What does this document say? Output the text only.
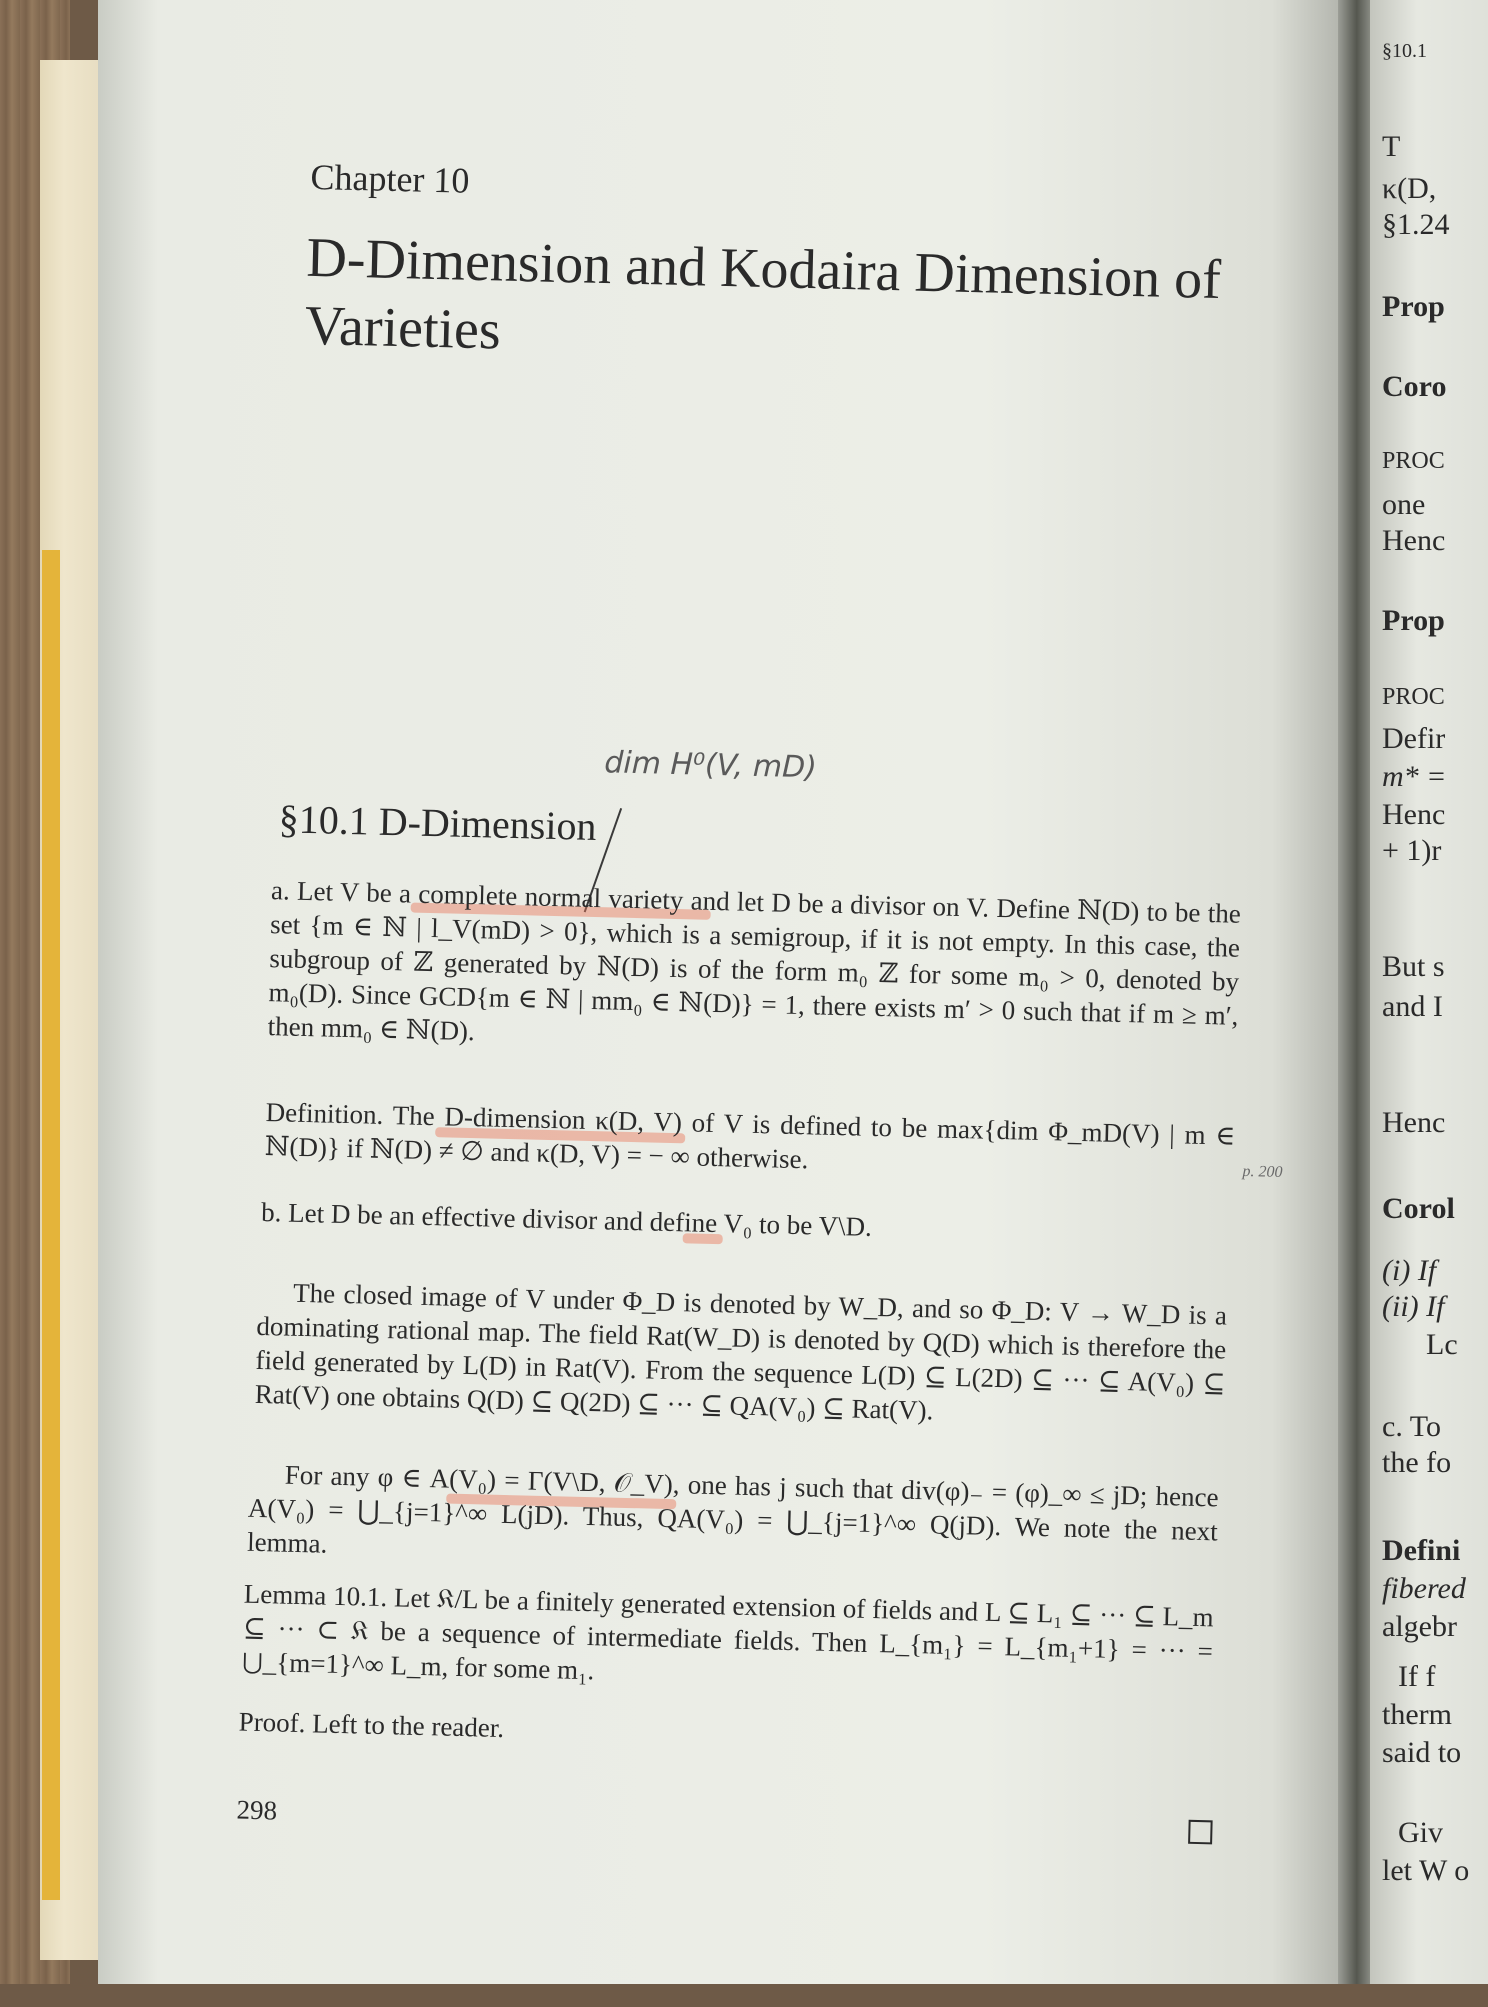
Chapter 10
D-Dimension and Kodaira Dimension of Varieties
dim H⁰(V, mD)
§10.1 D-Dimension
a. Let V be a complete normal variety and let D be a divisor on V. Define ℕ(D) to be the set {m ∈ ℕ | l_V(mD) > 0}, which is a semigroup, if it is not empty. In this case, the subgroup of ℤ generated by ℕ(D) is of the form m₀ ℤ for some m₀ > 0, denoted by m₀(D). Since GCD{m ∈ ℕ | mm₀ ∈ ℕ(D)} = 1, there exists m′ > 0 such that if m ≥ m′, then mm₀ ∈ ℕ(D).
Definition. The D-dimension κ(D, V) of V is defined to be max{dim Φ_mD(V) | m ∈ ℕ(D)} if ℕ(D) ≠ ∅ and κ(D, V) = − ∞ otherwise.	p. 200
b. Let D be an effective divisor and define V₀ to be V\D.
The closed image of V under Φ_D is denoted by W_D, and so Φ_D: V → W_D is a dominating rational map. The field Rat(W_D) is denoted by Q(D) which is therefore the field generated by L(D) in Rat(V). From the sequence L(D) ⊆ L(2D) ⊆ ··· ⊆ A(V₀) ⊆ Rat(V) one obtains Q(D) ⊆ Q(2D) ⊆ ··· ⊆ QA(V₀) ⊆ Rat(V).
For any φ ∈ A(V₀) = Γ(V\D, 𝒪_V), one has j such that div(φ)₋ = (φ)_∞ ≤ jD; hence A(V₀) = ⋃_{j=1}^∞ L(jD). Thus, QA(V₀) = ⋃_{j=1}^∞ Q(jD). We note the next lemma.
Lemma 10.1. Let 𝔎/L be a finitely generated extension of fields and L ⊆ L₁ ⊆ ··· ⊆ L_m ⊆ ··· ⊂ 𝔎 be a sequence of intermediate fields. Then L_{m₁} = L_{m₁+1} = ··· = ⋃_{m=1}^∞ L_m, for some m₁.
Proof. Left to the reader.
298
§10.1
T
κ(D,
§1.24
Prop
Coro
PROC
one
Henc
Prop
PROC
Defir
m* =
Henc
+ 1)r
But s
and I
Henc
Corol
(i) If
(ii) If
Lc
c. To
the fo
Defini
fibered
algebr
If f
therm
said to
Giv
let W o
